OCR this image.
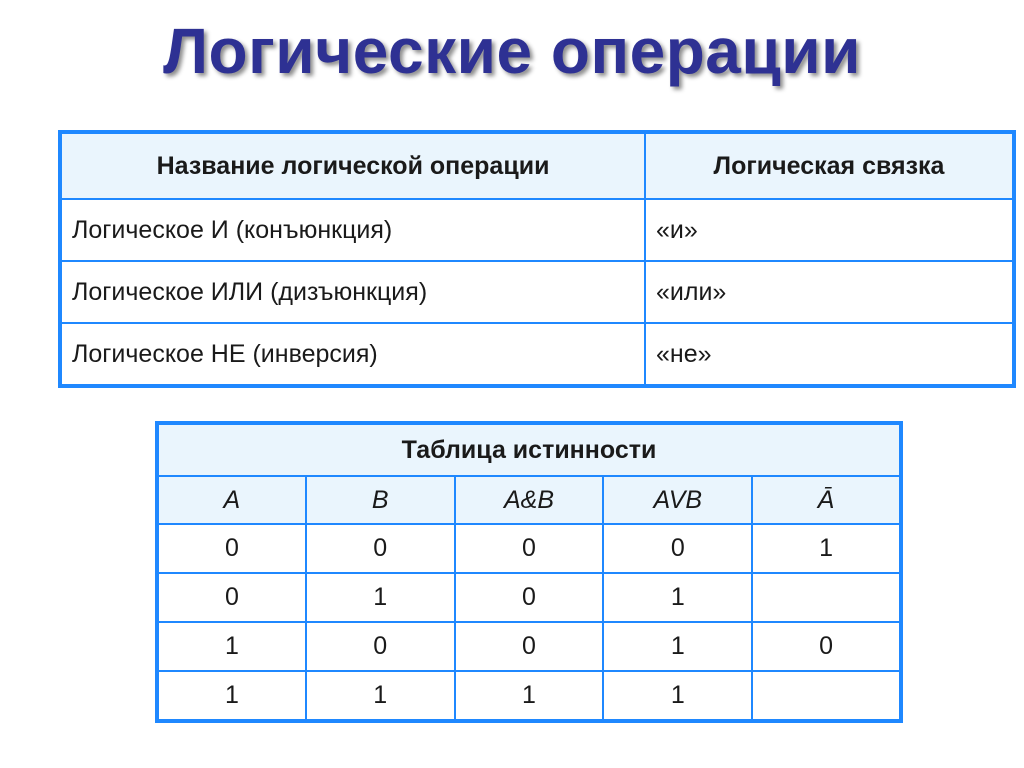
Логические операции
Название логической операции	Логическая связка
Логическое И (конъюнкция)	«и»
Логическое ИЛИ (дизъюнкция)	«или»
Логическое НЕ (инверсия)	«не»
Таблица истинности				
A	B	A&B	AVB	Ā
0	0	0	0	1
0	1	0	1	
1	0	0	1	0
1	1	1	1	
